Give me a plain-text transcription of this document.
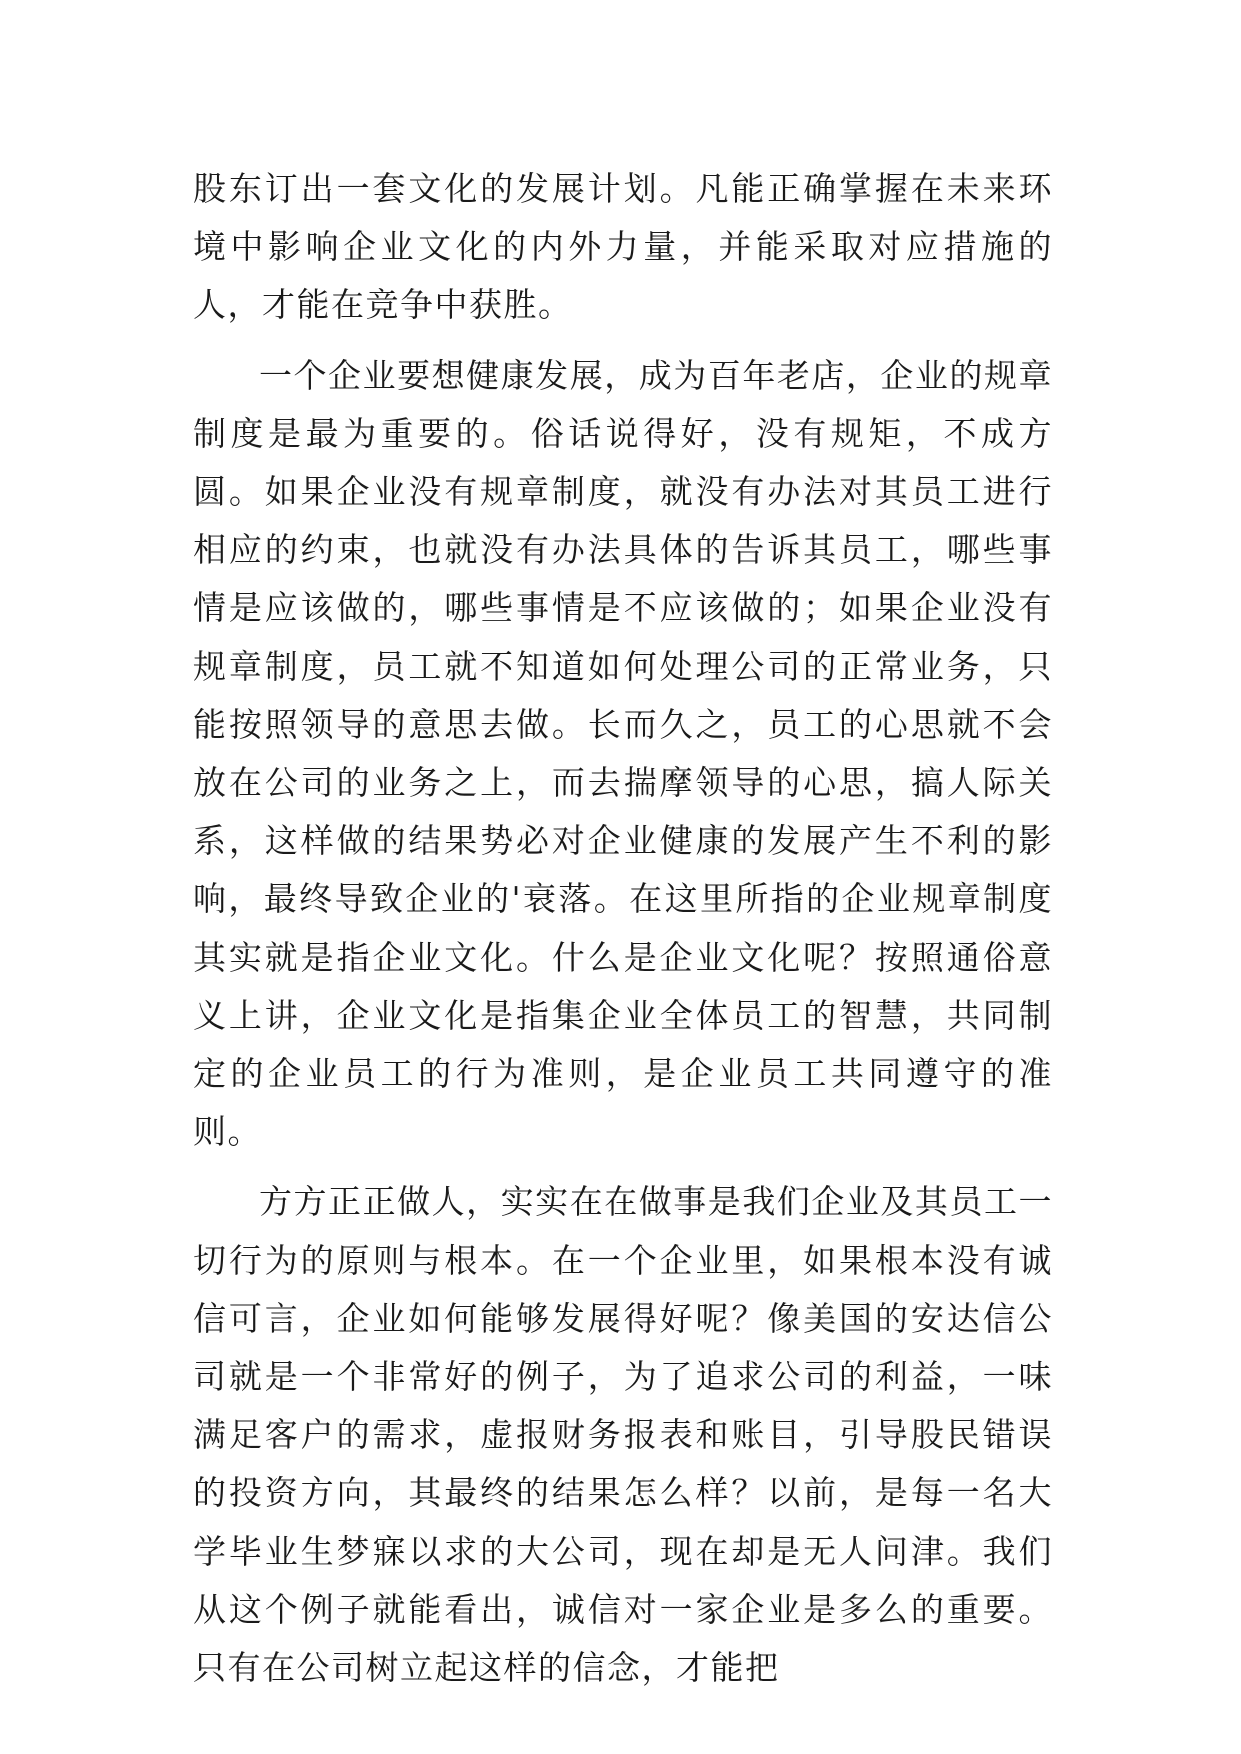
股东订出一套文化的发展计划。凡能正确掌握在未来环境中影响企业文化的内外力量，并能采取对应措施的人，才能在竞争中获胜。

一个企业要想健康发展，成为百年老店，企业的规章制度是最为重要的。俗话说得好，没有规矩，不成方圆。如果企业没有规章制度，就没有办法对其员工进行相应的约束，也就没有办法具体的告诉其员工，哪些事情是应该做的，哪些事情是不应该做的；如果企业没有规章制度，员工就不知道如何处理公司的正常业务，只能按照领导的意思去做。长而久之，员工的心思就不会放在公司的业务之上，而去揣摩领导的心思，搞人际关系，这样做的结果势必对企业健康的发展产生不利的影响，最终导致企业的'衰落。在这里所指的企业规章制度其实就是指企业文化。什么是企业文化呢？按照通俗意义上讲，企业文化是指集企业全体员工的智慧，共同制定的企业员工的行为准则，是企业员工共同遵守的准则。

方方正正做人，实实在在做事是我们企业及其员工一切行为的原则与根本。在一个企业里，如果根本没有诚信可言，企业如何能够发展得好呢？像美国的安达信公司就是一个非常好的例子，为了追求公司的利益，一味满足客户的需求，虚报财务报表和账目，引导股民错误的投资方向，其最终的结果怎么样？以前，是每一名大学毕业生梦寐以求的大公司，现在却是无人问津。我们从这个例子就能看出，诚信对一家企业是多么的重要。只有在公司树立起这样的信念，才能把
